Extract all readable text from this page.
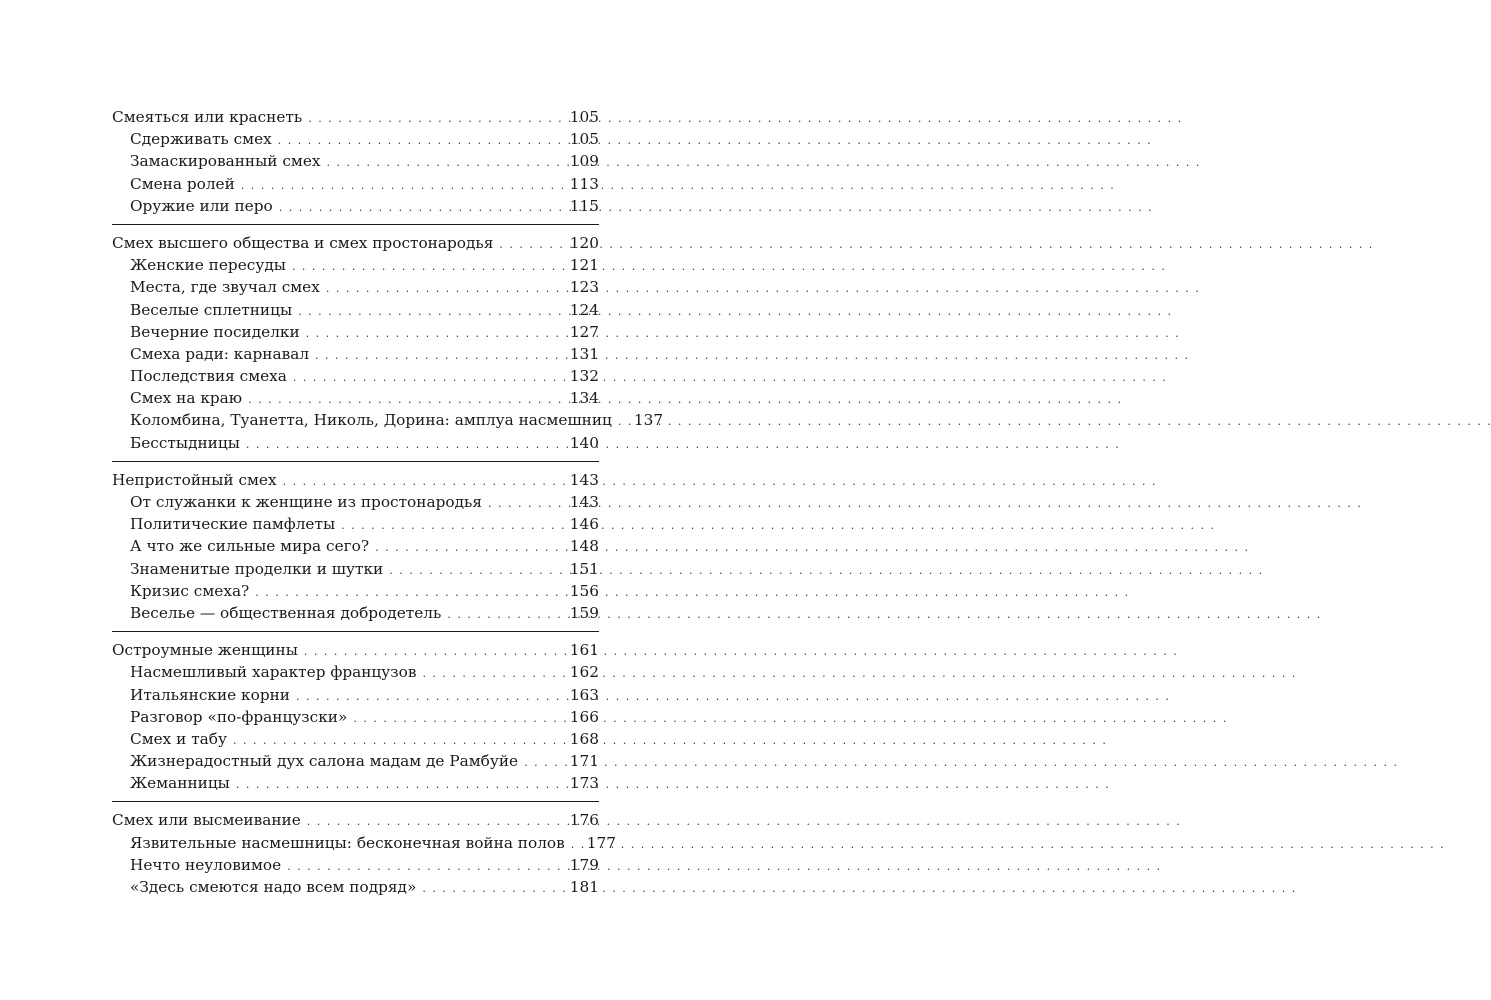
Смеяться или краснеть . . .	105
Сдерживать смех . . .	105
Замаскированный смех . . .	109
Смена ролей . . .	113
Оружие или перо . . .	115
Смех высшего общества и смех простонародья . . .	120
Женские пересуды . . .	121
Места, где звучал смех . . .	123
Веселые сплетницы . . .	124
Вечерние посиделки . . .	127
Смеха ради: карнавал . . .	131
Последствия смеха . . .	132
Смех на краю . . .	134
Коломбина, Туанетта, Николь, Дорина: амплуа насмешниц . . . 137
Бесстыдницы . . .	140
Непристойный смех . . .	143
От служанки к женщине из простонародья . . .	143
Политические памфлеты . . .	146
А что же сильные мира сего? . . .	148
Знаменитые проделки и шутки . . .	151
Кризис смеха? . . .	156
Веселье — общественная добродетель . . .	159
Остроумные женщины . . .	161
Насмешливый характер французов . . .	162
Итальянские корни . . .	163
Разговор «по-французски» . . .	166
Смех и табу . . .	168
Жизнерадостный дух салона мадам де Рамбуйе . . .	171
Жеманницы . . .	173
Смех или высмеивание . . .	176
Язвительные насмешницы: бесконечная война полов . . . 177
Нечто неуловимое . . .	179
«Здесь смеются надо всем подряд» . . .	181
